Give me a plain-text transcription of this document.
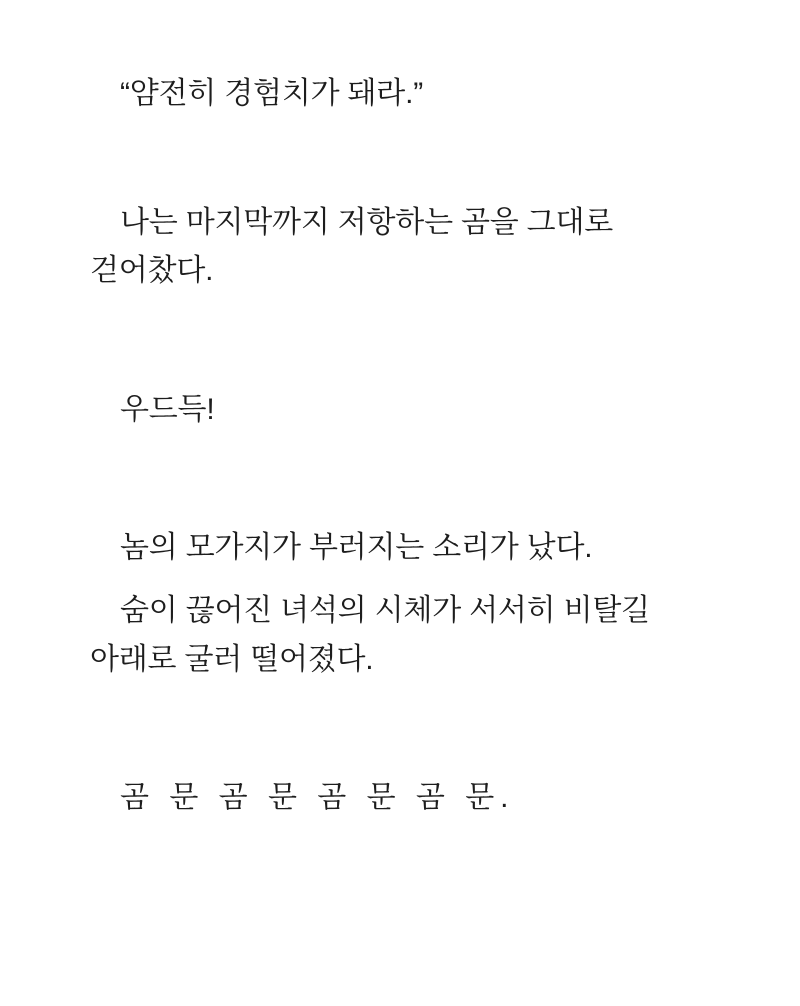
“얌전히 경험치가 돼라.”
나는 마지막까지 저항하는 곰을 그대로 걷어찼다.
우드득!
놈의 모가지가 부러지는 소리가 났다.
숨이 끊어진 녀석의 시체가 서서히 비탈길 아래로 굴러 떨어졌다.
곰 문 곰 문 곰 문 곰 문.
